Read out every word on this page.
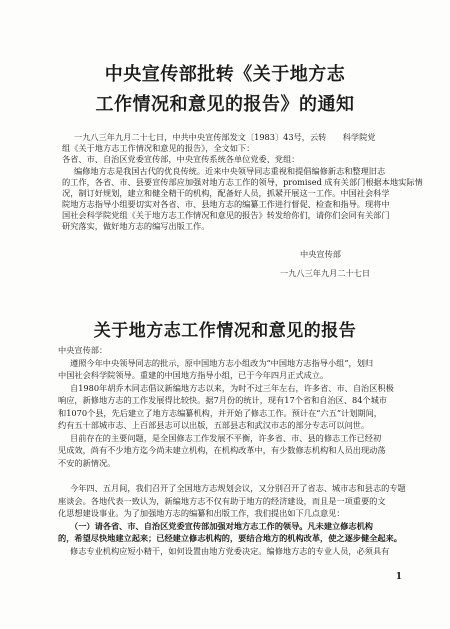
中央宣传部批转《关于地方志
工作情况和意见的报告》的通知
一九八三年九月二十七日，中共中央宣传部发文〔1983〕43号，云转　　科学院党
组《关于地方志工作情况和意见的报告》，全文如下：
各省、市、自治区党委宣传部，中央宣传系统各单位党委、党组：
编修地方志是我国古代的优良传统。近来中央领导同志重视和提倡编修新志和整理旧志
的工作，各省、市、县要宣传部应加强对地方志工作的领导，promised 成有关部门根据本地实际情
况，制订好规划，建立和健全精干的机构，配备好人员，抓紧开展这一工作。中国社会科学
院地方志指导小组要切实对各省、市、县地方志的编纂工作进行督促、检查和指导。现将中
国社会科学院党组《关于地方志工作情况和意见的报告》转发给你们，请你们会同有关部门
研究落实，做好地方志的编写出版工作。
中央宣传部
一九八三年九月二十七日
关于地方志工作情况和意见的报告
中央宣传部：
遵照今年中央领导同志的批示，原中国地方志小组改为“中国地方志指导小组”，划归
中国社会科学院领导。重建的中国地方指导小组，已于今年四月正式成立。
自1980年胡乔木同志倡议新编地方志以来，为时不过三年左右，许多省、市、自治区积极
响应，新修地方志的工作发展得比较快。据7月份的统计，现有17个省和自治区、84个城市
和1070个县，先后建立了地方志编纂机构，并开始了修志工作。预计在“六五”计划期间，
约有五十部城市志、上百部县志可以出版，五部县志和武汉市志的部分专志可以问世。
目前存在的主要问题，是全国修志工作发展不平衡，许多省、市、县的修志工作已经初
见成效，尚有不少地方迄今尚未建立机构，在机构改革中，有少数修志机构和人员出现动荡
不安的新情况。
今年四、五月间，我们召开了全国地方志规划会议，又分别召开了省志、城市志和县志的专题
座谈会。各地代表一致认为，新编地方志不仅有助于地方的经济建设，而且是一项重要的文
化思想建设事业。为了加强地方志的编纂和出版工作，我们提出如下几点意见：
（一）请各省、市、自治区党委宣传部加强对地方志工作的领导。凡未建立修志机构
的，希望尽快地建立起来；已经建立修志机构的，要结合地方的机构改革，使之逐步健全起来。
修志专业机构应短小精干，如何设置由地方党委决定。编修地方志的专业人员，必须具有
1
